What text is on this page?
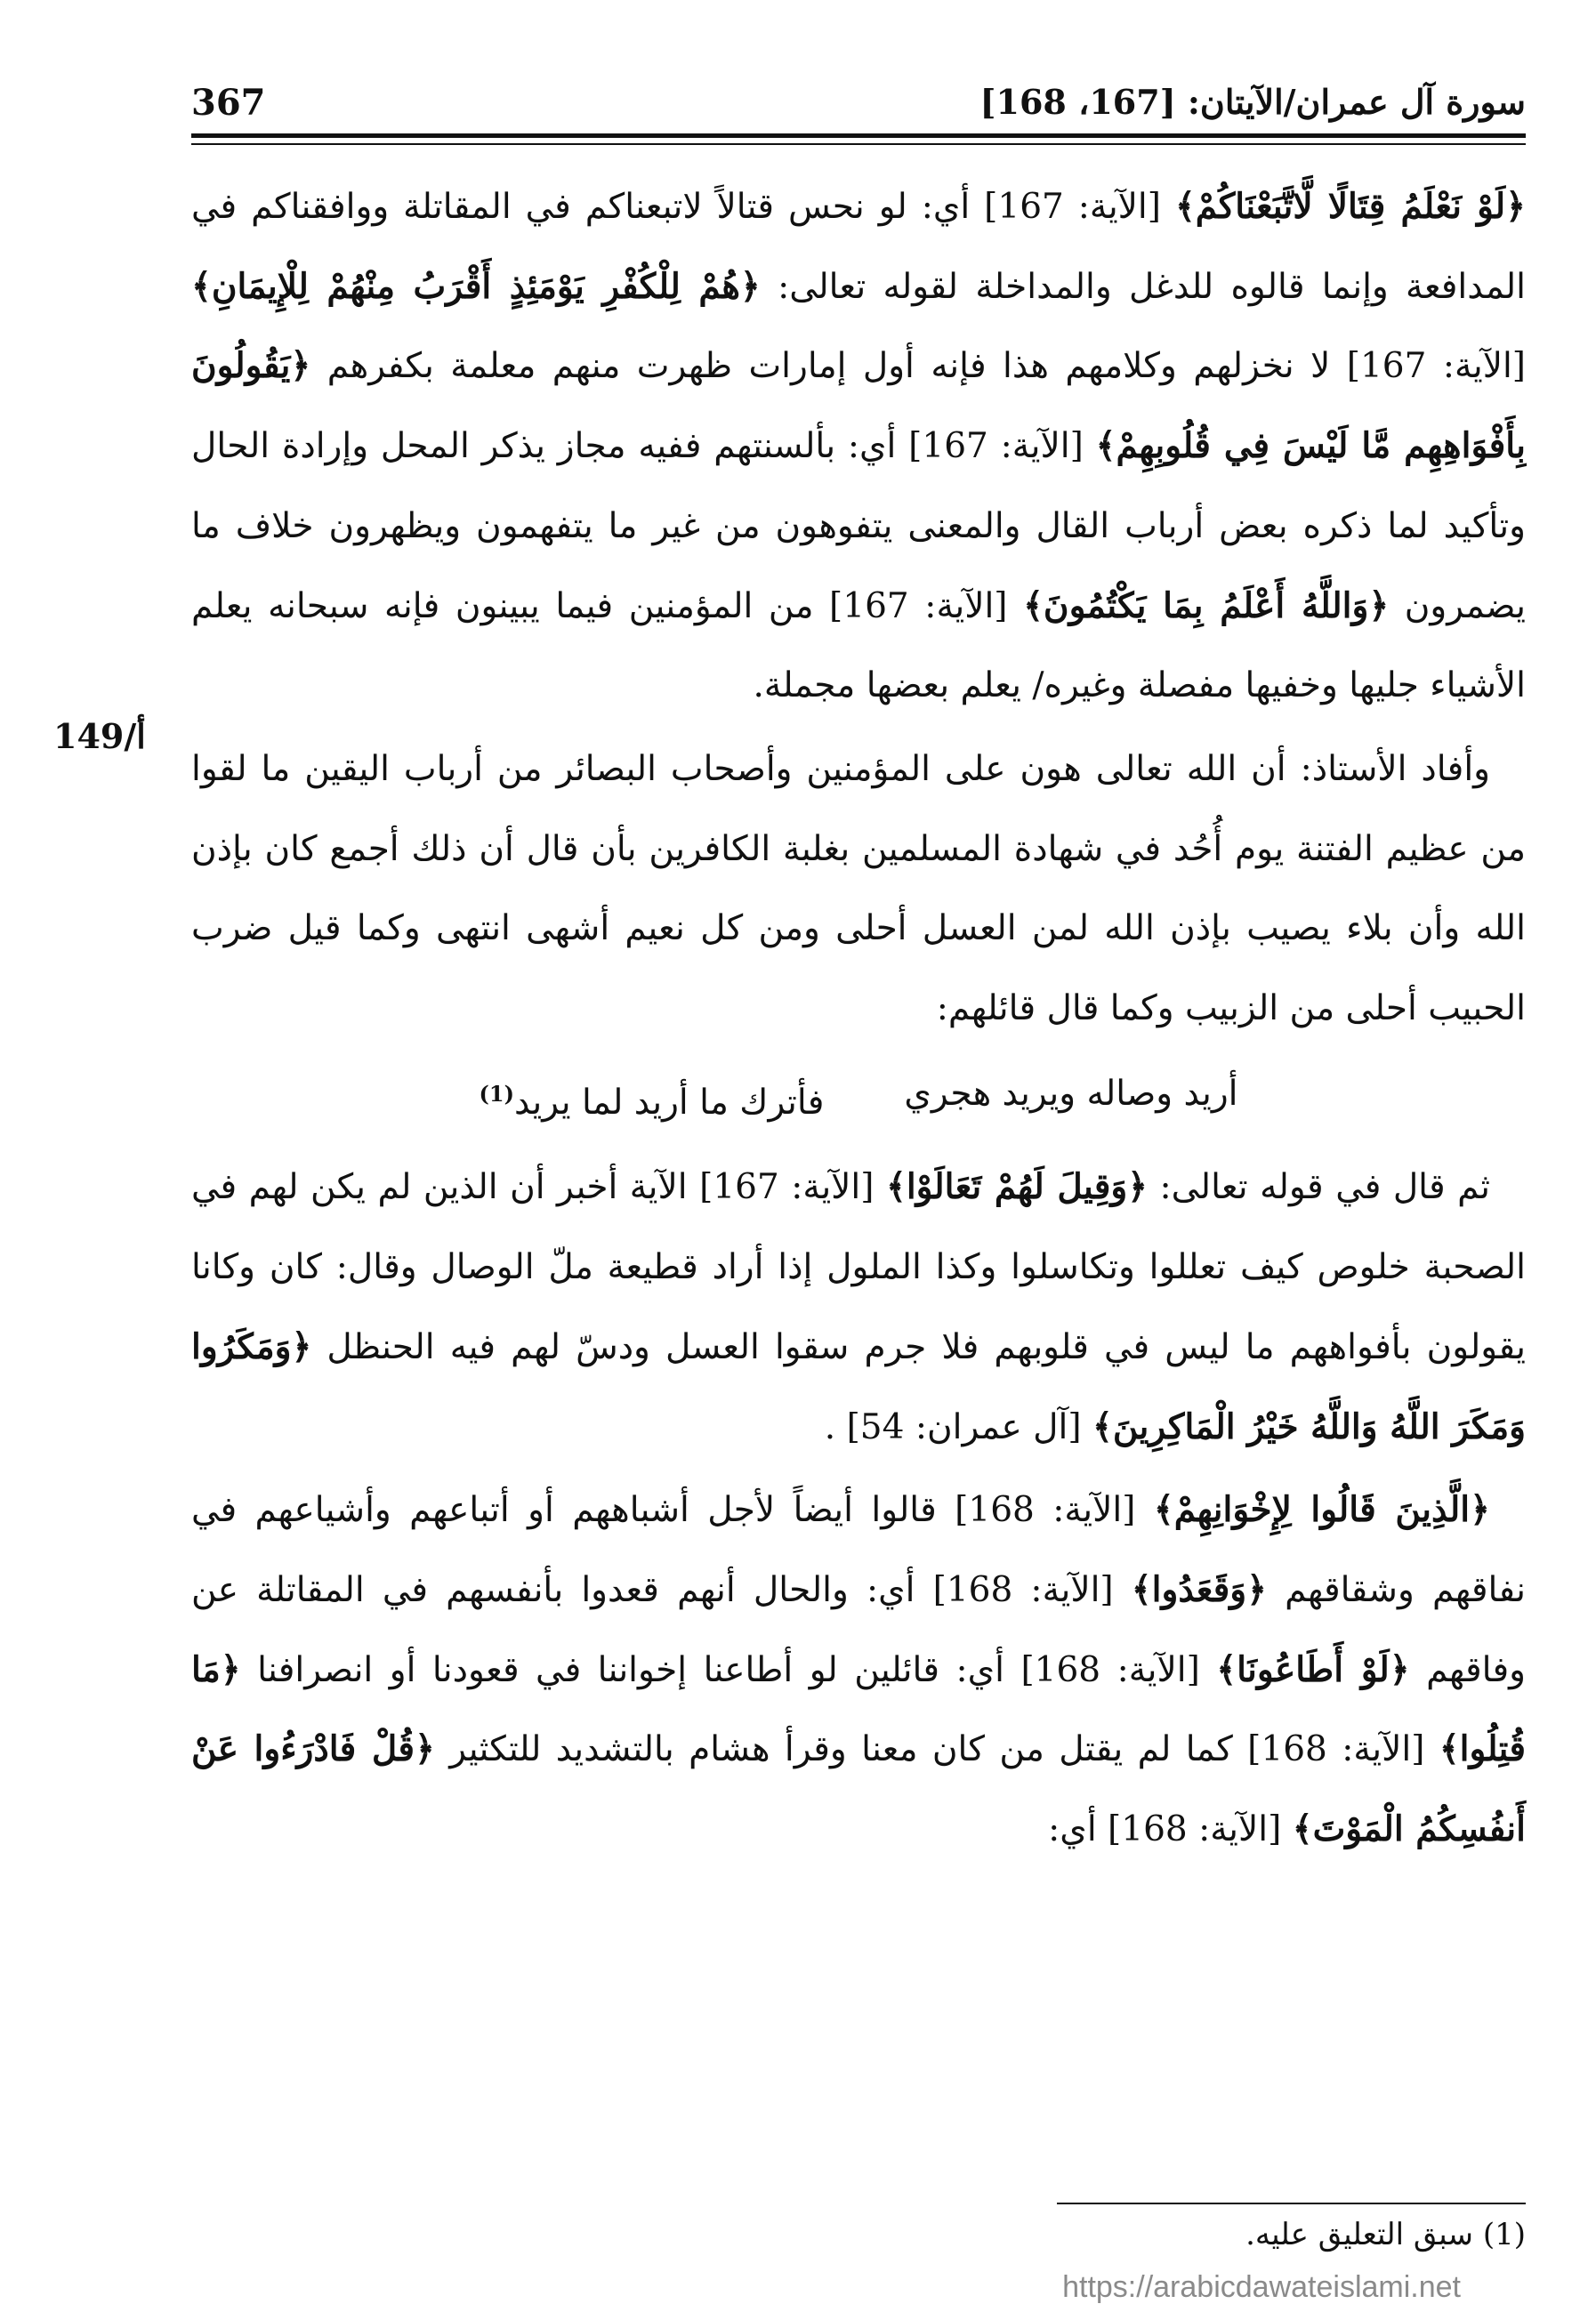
سورة آل عمران/الآيتان: [167، 168]
367
149/أ

﴿لَوْ نَعْلَمُ قِتَالًا لَّاتَّبَعْنَاكُمْ﴾ [الآية: 167] أي: لو نحس قتالاً لاتبعناكم في المقاتلة ووافقناكم في المدافعة وإنما قالوه للدغل والمداخلة لقوله تعالى: ﴿هُمْ لِلْكُفْرِ يَوْمَئِذٍ أَقْرَبُ مِنْهُمْ لِلْإِيمَانِ﴾ [الآية: 167] لا نخزلهم وكلامهم هذا فإنه أول إمارات ظهرت منهم معلمة بكفرهم ﴿يَقُولُونَ بِأَفْوَاهِهِم مَّا لَيْسَ فِي قُلُوبِهِمْ﴾ [الآية: 167] أي: بألسنتهم ففيه مجاز يذكر المحل وإرادة الحال وتأكيد لما ذكره بعض أرباب القال والمعنى يتفوهون من غير ما يتفهمون ويظهرون خلاف ما يضمرون ﴿وَاللَّهُ أَعْلَمُ بِمَا يَكْتُمُونَ﴾ [الآية: 167] من المؤمنين فيما يبينون فإنه سبحانه يعلم الأشياء جليها وخفيها مفصلة وغيره/ يعلم بعضها مجملة.

وأفاد الأستاذ: أن الله تعالى هون على المؤمنين وأصحاب البصائر من أرباب اليقين ما لقوا من عظيم الفتنة يوم أُحُد في شهادة المسلمين بغلبة الكافرين بأن قال أن ذلك أجمع كان بإذن الله وأن بلاء يصيب بإذن الله لمن العسل أحلى ومن كل نعيم أشهى انتهى وكما قيل ضرب الحبيب أحلى من الزبيب وكما قال قائلهم:

أريد وصاله ويريد هجري
فأترك ما أريد لما يريد$^{(1)}$

ثم قال في قوله تعالى: ﴿وَقِيلَ لَهُمْ تَعَالَوْا﴾ [الآية: 167] الآية أخبر أن الذين لم يكن لهم في الصحبة خلوص كيف تعللوا وتكاسلوا وكذا الملول إذا أراد قطيعة ملّ الوصال وقال: كان وكانا يقولون بأفواههم ما ليس في قلوبهم فلا جرم سقوا العسل ودسّ لهم فيه الحنظل ﴿وَمَكَرُوا وَمَكَرَ اللَّهُ وَاللَّهُ خَيْرُ الْمَاكِرِينَ﴾ [آل عمران: 54] .

﴿الَّذِينَ قَالُوا لِإِخْوَانِهِمْ﴾ [الآية: 168] قالوا أيضاً لأجل أشباههم أو أتباعهم وأشياعهم في نفاقهم وشقاقهم ﴿وَقَعَدُوا﴾ [الآية: 168] أي: والحال أنهم قعدوا بأنفسهم في المقاتلة عن وفاقهم ﴿لَوْ أَطَاعُونَا﴾ [الآية: 168] أي: قائلين لو أطاعنا إخواننا في قعودنا أو انصرافنا ﴿مَا قُتِلُوا﴾ [الآية: 168] كما لم يقتل من كان معنا وقرأ هشام بالتشديد للتكثير ﴿قُلْ فَادْرَءُوا عَنْ أَنفُسِكُمُ الْمَوْتَ﴾ [الآية: 168] أي:

(1) سبق التعليق عليه.
https://arabicdawateislami.net
